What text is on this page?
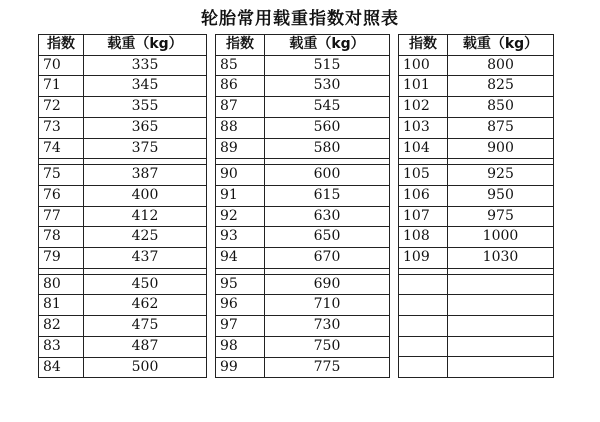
轮胎常用载重指数对照表
指数	载重（kg）
70	335
71	345
72	355
73	365
74	375

75	387
76	400
77	412
78	425
79	437

80	450
81	462
82	475
83	487
84	500
指数	载重（kg）
85	515
86	530
87	545
88	560
89	580

90	600
91	615
92	630
93	650
94	670

95	690
96	710
97	730
98	750
99	775
指数	载重（kg）
100	800
101	825
102	850
103	875
104	900

105	925
106	950
107	975
108	1000
109	1030
